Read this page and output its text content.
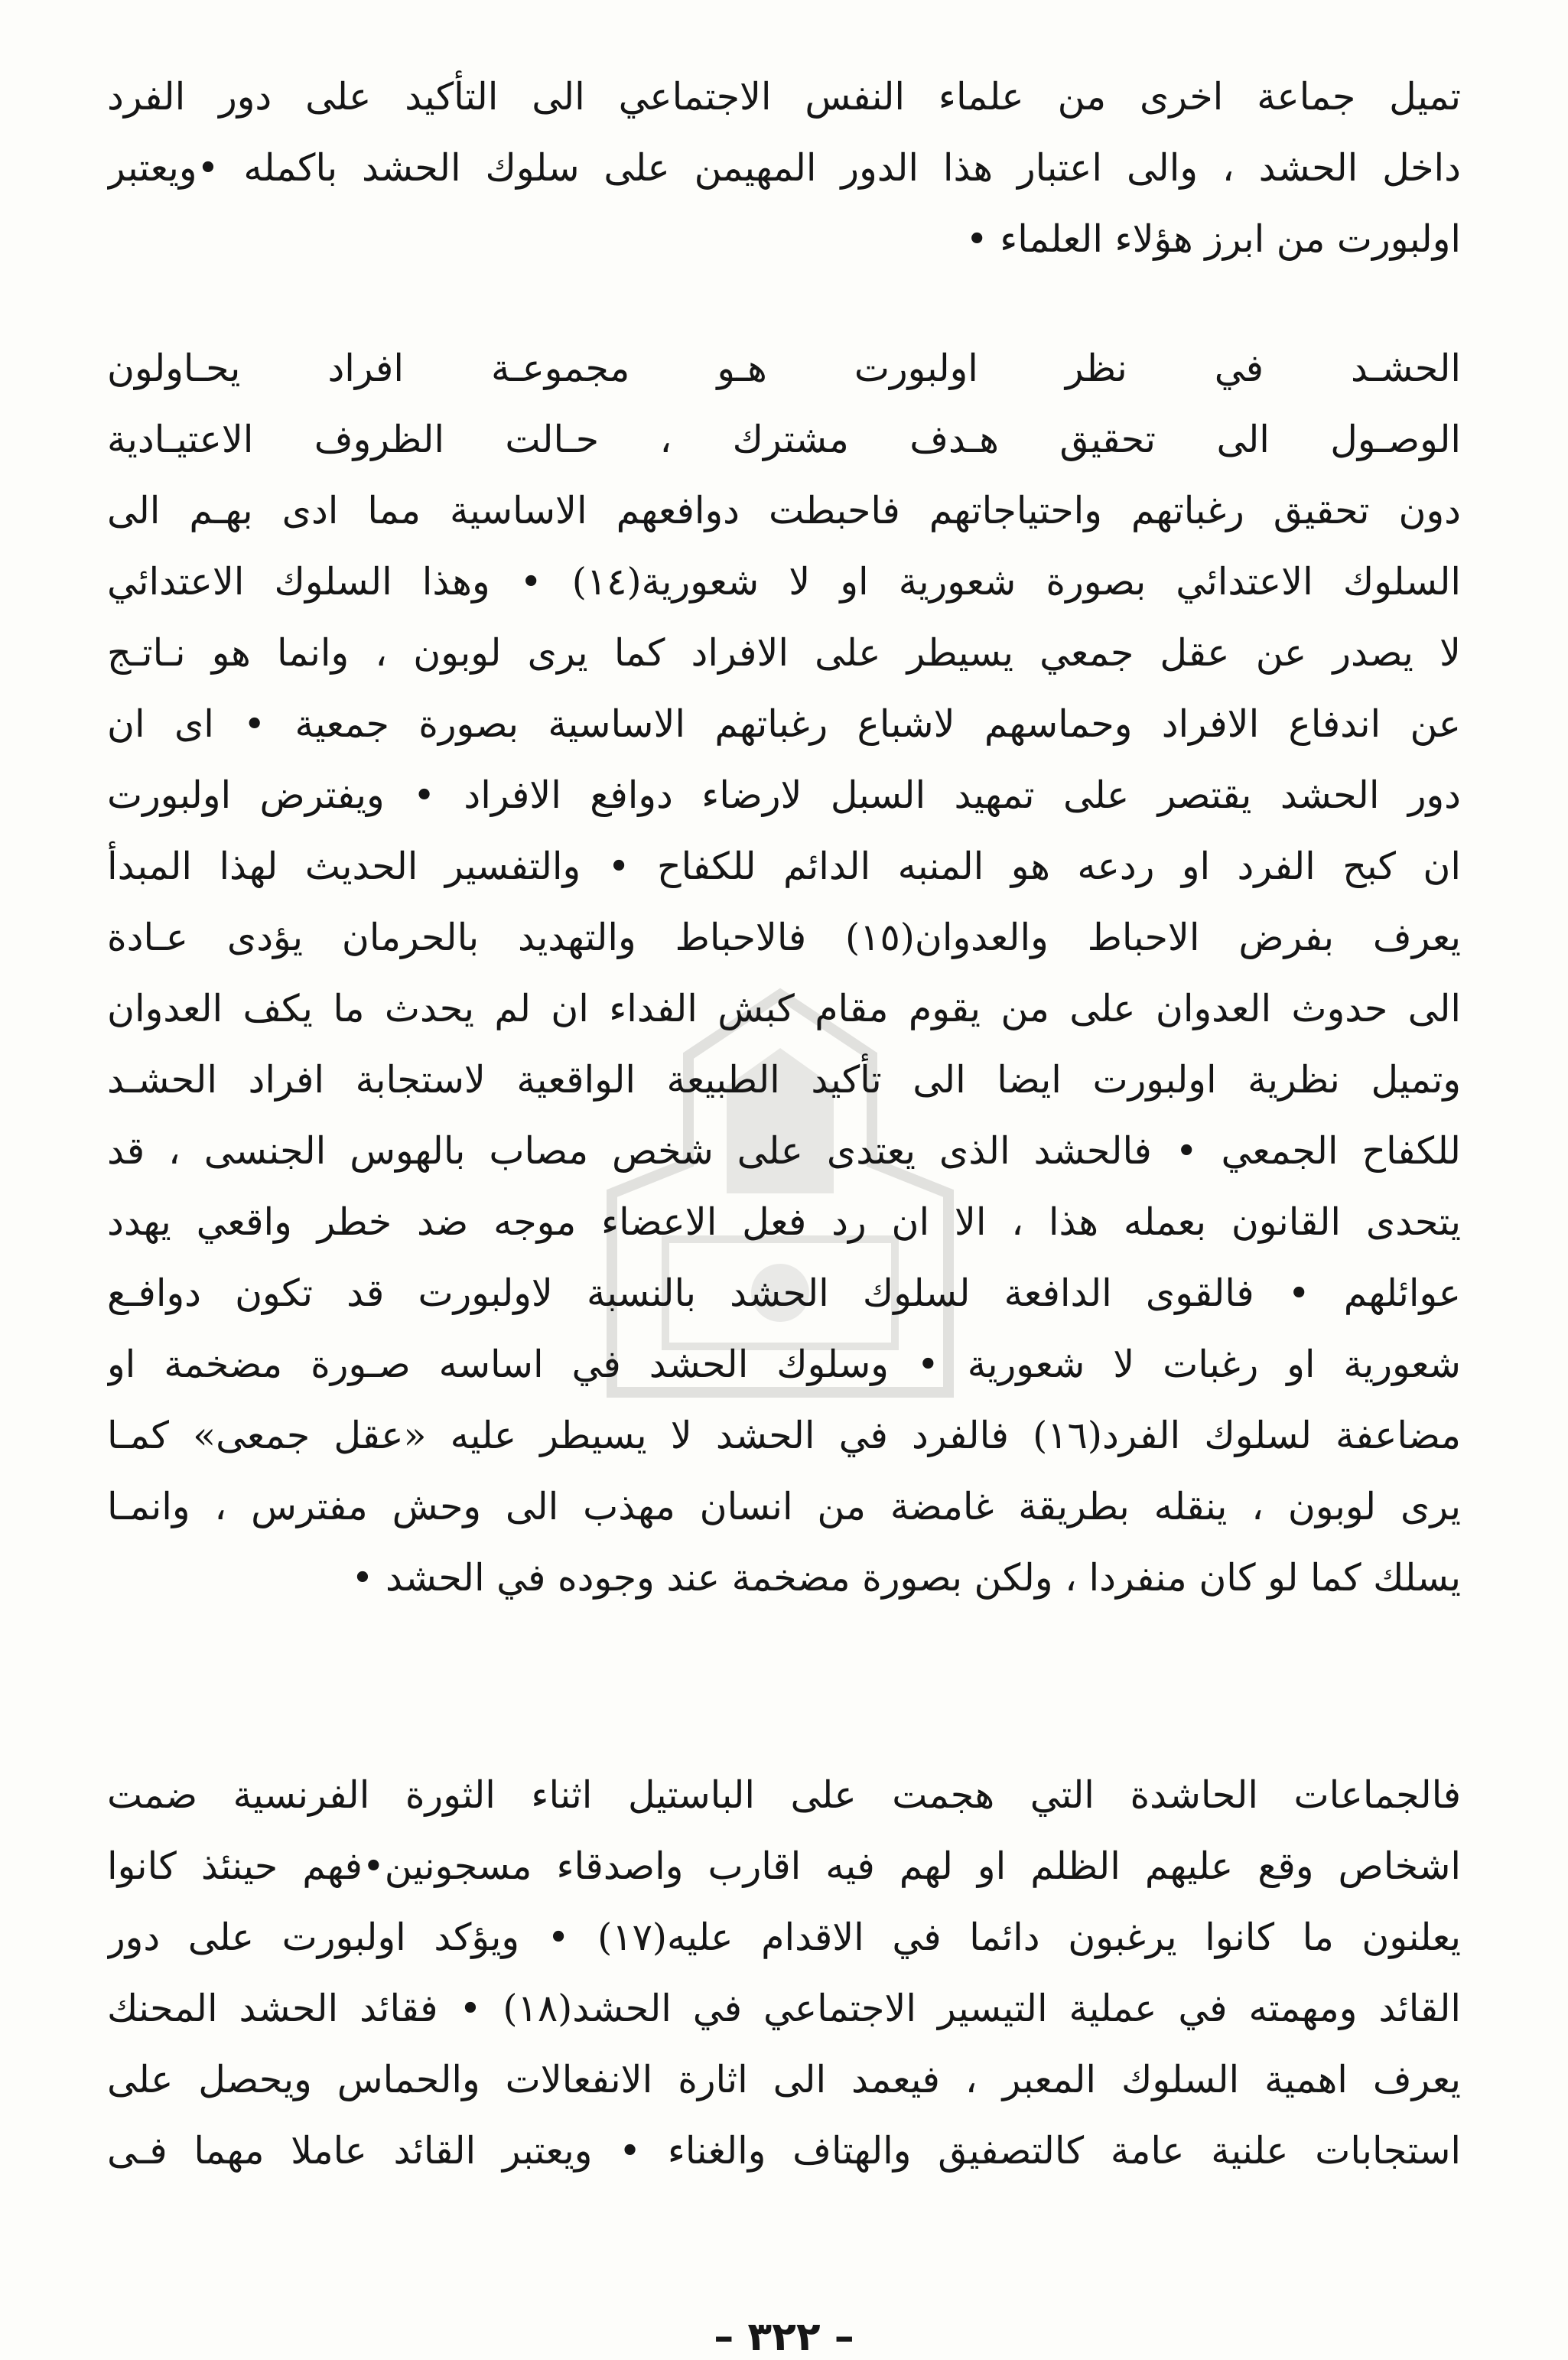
تميل جماعة اخرى من علماء النفس الاجتماعي الى التأكيد على دور الفرد
داخل الحشد ، والى اعتبار هذا الدور المهيمن على سلوك الحشد باكمله •ويعتبر
اولبورت من ابرز هؤلاء العلماء •
الحشـد في نظر اولبورت هـو مجموعـة افراد يحـاولون
الوصـول الى تحقيق هـدف مشترك ، حـالت الظروف الاعتيـادية
دون تحقيق رغباتهم واحتياجاتهم فاحبطت دوافعهم الاساسية مما ادى بهـم الى
السلوك الاعتدائي بصورة شعورية او لا شعورية(١٤) • وهذا السلوك الاعتدائي
لا يصدر عن عقل جمعي يسيطر على الافراد كما يرى لوبون ، وانما هو نـاتـج
عن اندفاع الافراد وحماسهم لاشباع رغباتهم الاساسية بصورة جمعية • اى ان
دور الحشد يقتصر على تمهيد السبل لارضاء دوافع الافراد • ويفترض اولبورت
ان كبح الفرد او ردعه هو المنبه الدائم للكفاح • والتفسير الحديث لهذا المبدأ
يعرف بفرض الاحباط والعدوان(١٥) فالاحباط والتهديد بالحرمان يؤدى عـادة
الى حدوث العدوان على من يقوم مقام كبش الفداء ان لم يحدث ما يكف العدوان
وتميل نظرية اولبورت ايضا الى تأكيد الطبيعة الواقعية لاستجابة افراد الحشـد
للكفاح الجمعي • فالحشد الذى يعتدى على شخص مصاب بالهوس الجنسى ، قد
يتحدى القانون بعمله هذا ، الا ان رد فعل الاعضاء موجه ضد خطر واقعي يهدد
عوائلهم • فالقوى الدافعة لسلوك الحشد بالنسبة لاولبورت قد تكون دوافـع
شعورية او رغبات لا شعورية • وسلوك الحشد في اساسه صـورة مضخمة او
مضاعفة لسلوك الفرد(١٦) فالفرد في الحشد لا يسيطر عليه «عقل جمعى» كمـا
يرى لوبون ، ينقله بطريقة غامضة من انسان مهذب الى وحش مفترس ، وانمـا
يسلك كما لو كان منفردا ، ولكن بصورة مضخمة عند وجوده في الحشد •
فالجماعات الحاشدة التي هجمت على الباستيل اثناء الثورة الفرنسية ضمت
اشخاص وقع عليهم الظلم او لهم فيه اقارب واصدقاء مسجونين•فهم حينئذ كانوا
يعلنون ما كانوا يرغبون دائما في الاقدام عليه(١٧) • ويؤكد اولبورت على دور
القائد ومهمته في عملية التيسير الاجتماعي في الحشد(١٨) • فقائد الحشد المحنك
يعرف اهمية السلوك المعبر ، فيعمد الى اثارة الانفعالات والحماس ويحصل على
استجابات علنية عامة كالتصفيق والهتاف والغناء • ويعتبر القائد عاملا مهما فـى
– ٣٢٢ –
